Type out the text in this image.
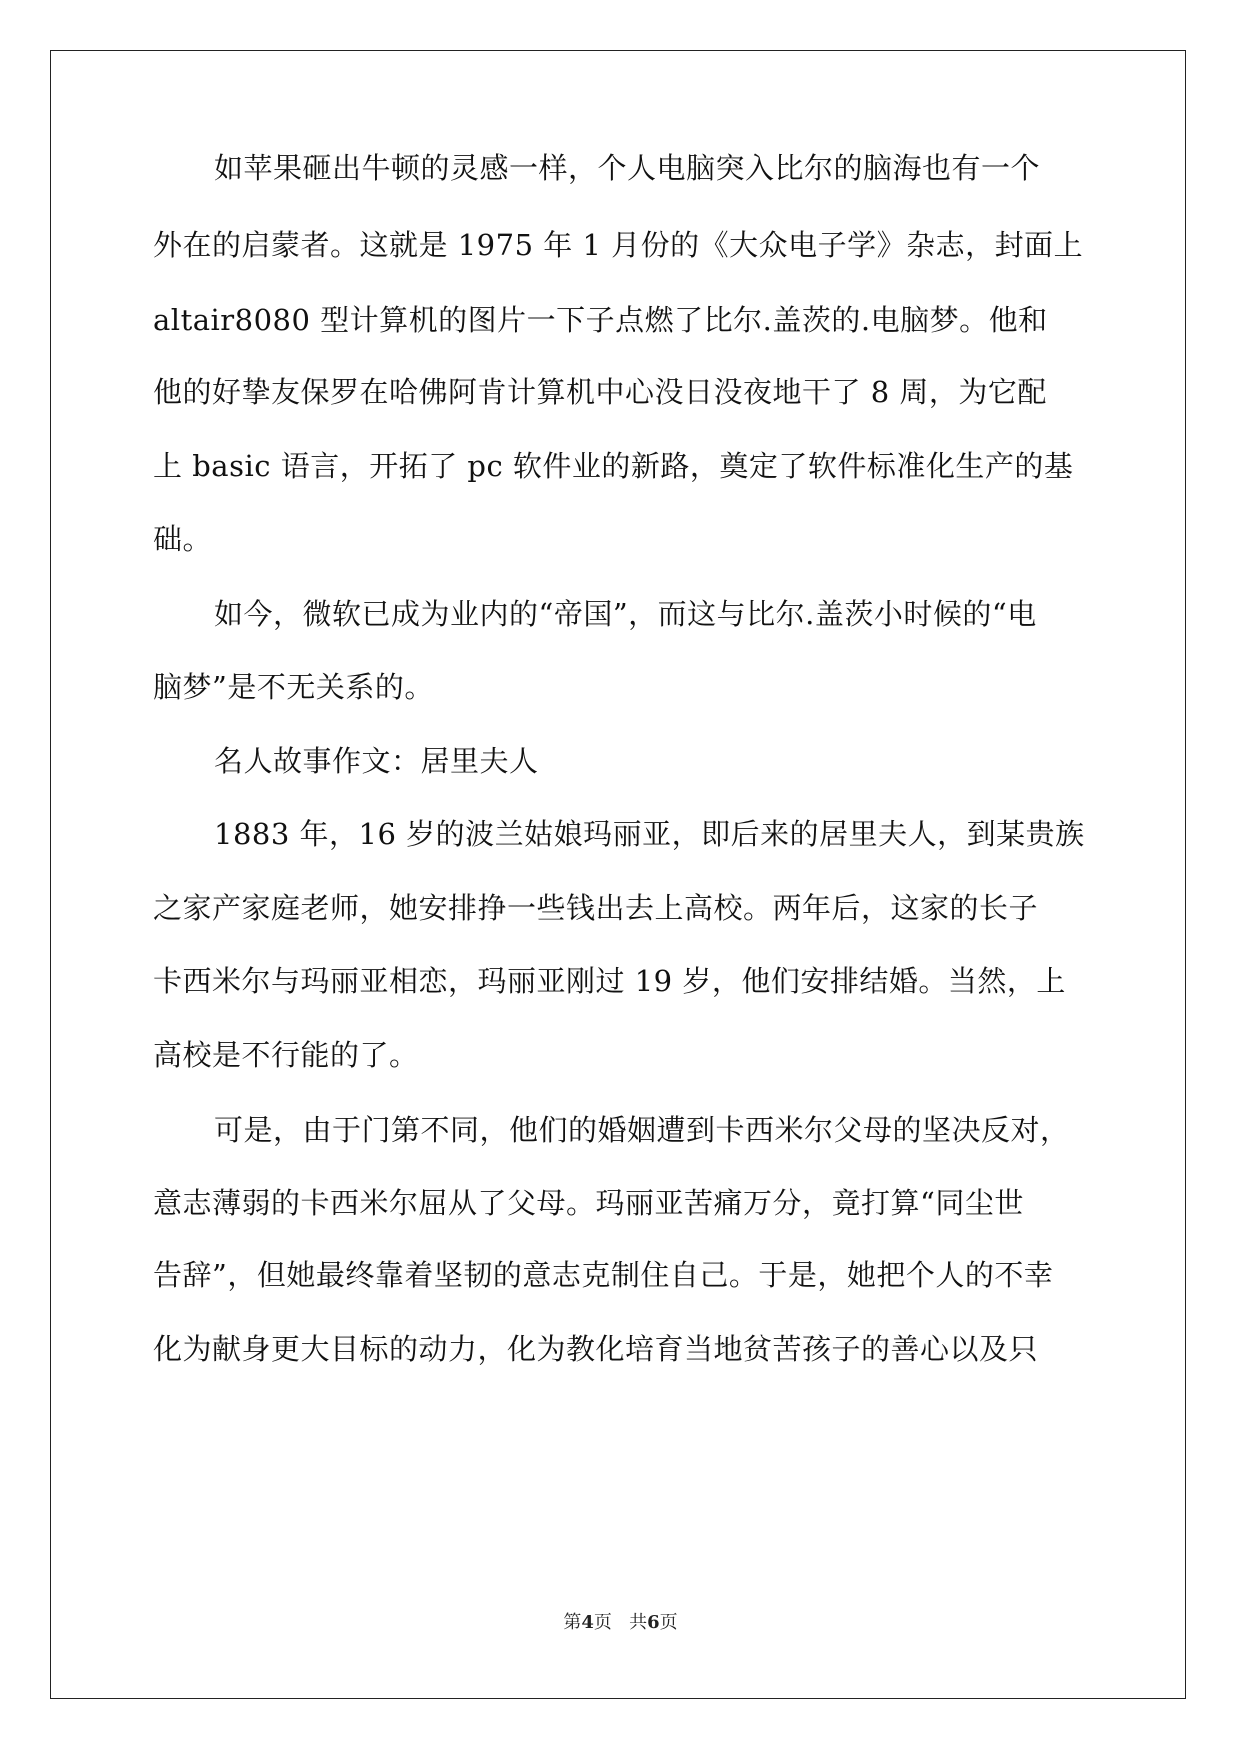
如苹果砸出牛顿的灵感一样，个人电脑突入比尔的脑海也有一个
外在的启蒙者。这就是 1975 年 1 月份的《大众电子学》杂志，封面上
altair8080 型计算机的图片一下子点燃了比尔.盖茨的.电脑梦。他和
他的好挚友保罗在哈佛阿肯计算机中心没日没夜地干了 8 周，为它配
上 basic 语言，开拓了 pc 软件业的新路，奠定了软件标准化生产的基
础。
如今，微软已成为业内的“帝国”，而这与比尔.盖茨小时候的“电
脑梦”是不无关系的。
名人故事作文：居里夫人
1883 年，16 岁的波兰姑娘玛丽亚，即后来的居里夫人，到某贵族
之家产家庭老师，她安排挣一些钱出去上高校。两年后，这家的长子
卡西米尔与玛丽亚相恋，玛丽亚刚过 19 岁，他们安排结婚。当然，上
高校是不行能的了。
可是，由于门第不同，他们的婚姻遭到卡西米尔父母的坚决反对，
意志薄弱的卡西米尔屈从了父母。玛丽亚苦痛万分，竟打算“同尘世
告辞”，但她最终靠着坚韧的意志克制住自己。于是，她把个人的不幸
化为献身更大目标的动力，化为教化培育当地贫苦孩子的善心以及只
第4页   共6页
